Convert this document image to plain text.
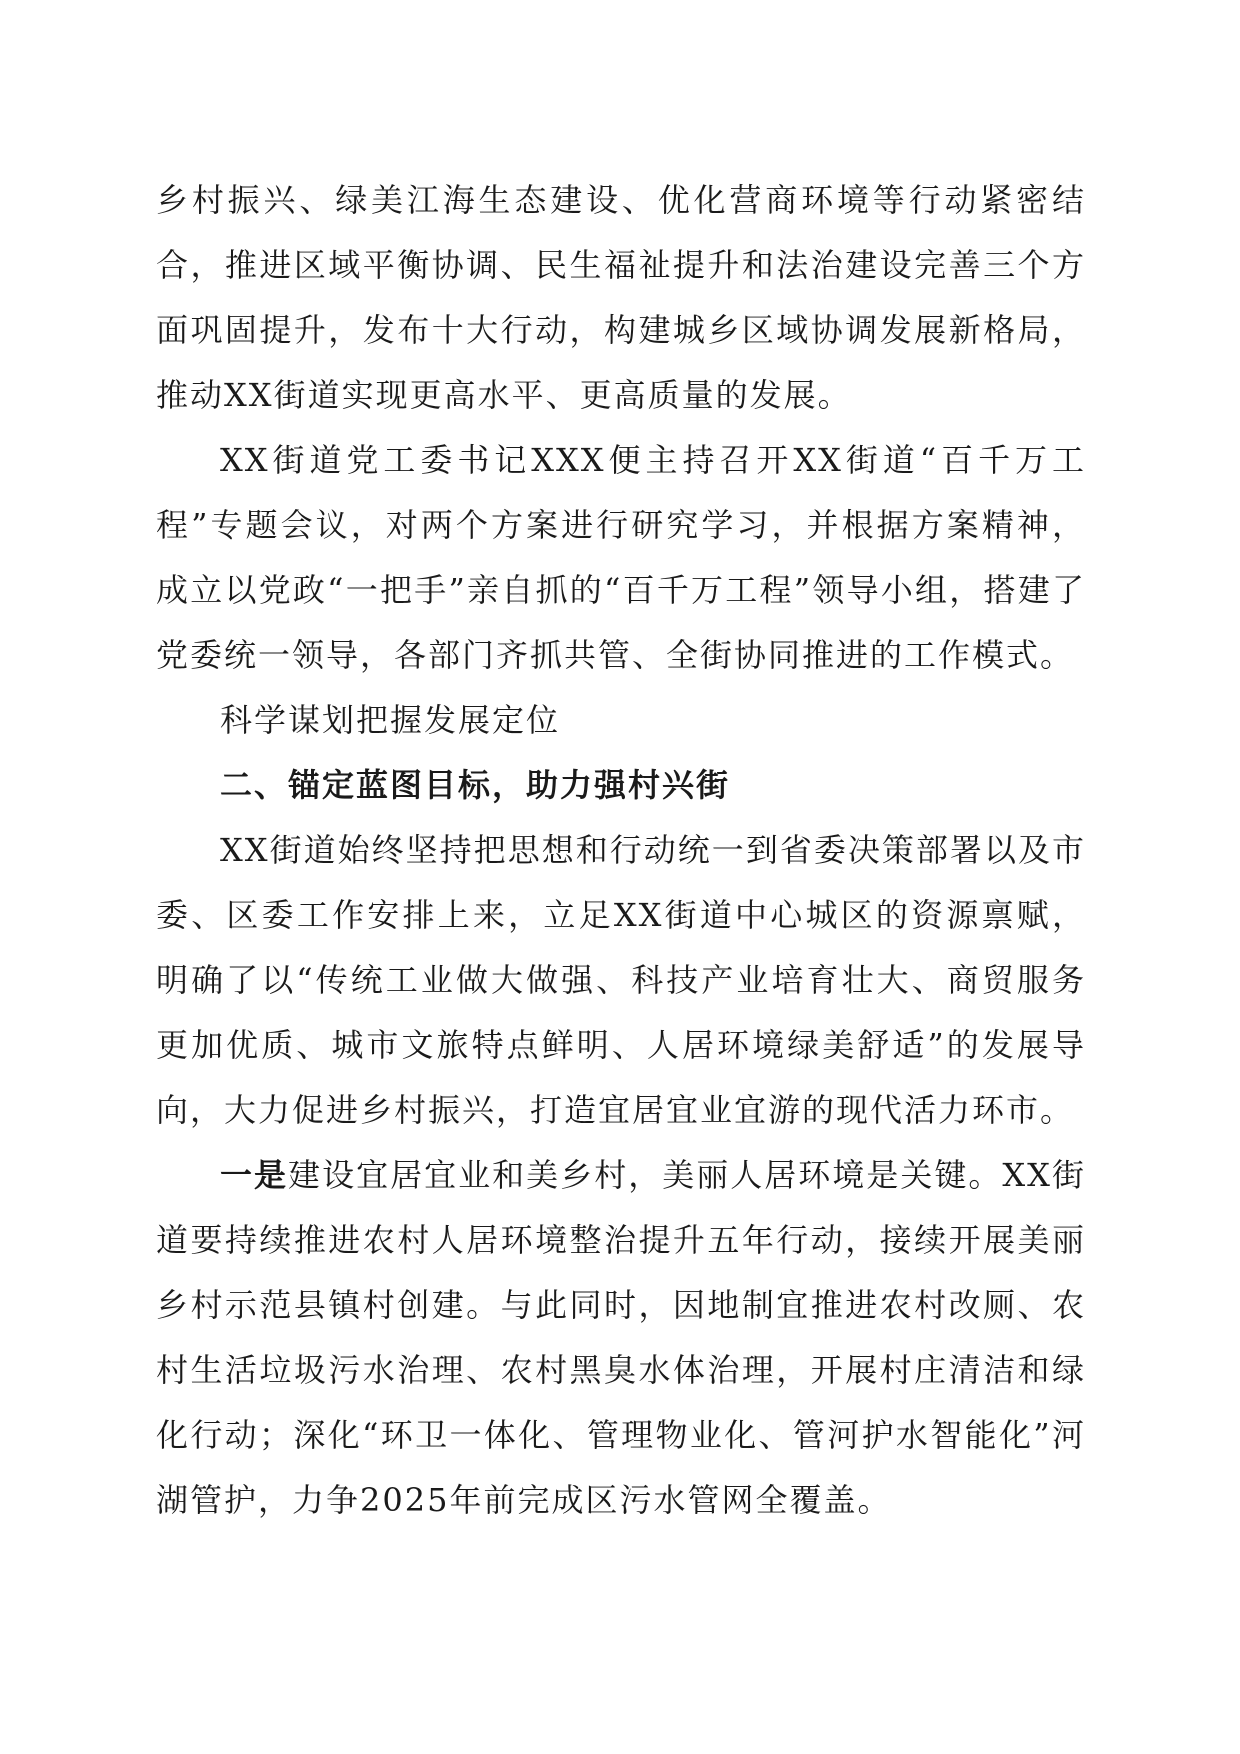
乡村振兴、绿美江海生态建设、优化营商环境等行动紧密结合，推进区域平衡协调、民生福祉提升和法治建设完善三个方面巩固提升，发布十大行动，构建城乡区域协调发展新格局，推动XX街道实现更高水平、更高质量的发展。

XX街道党工委书记XXX便主持召开XX街道“百千万工程”专题会议，对两个方案进行研究学习，并根据方案精神，成立以党政“一把手”亲自抓的“百千万工程”领导小组，搭建了党委统一领导，各部门齐抓共管、全街协同推进的工作模式。

科学谋划把握发展定位

二、锚定蓝图目标，助力强村兴街

XX街道始终坚持把思想和行动统一到省委决策部署以及市委、区委工作安排上来，立足XX街道中心城区的资源禀赋，明确了以“传统工业做大做强、科技产业培育壮大、商贸服务更加优质、城市文旅特点鲜明、人居环境绿美舒适”的发展导向，大力促进乡村振兴，打造宜居宜业宜游的现代活力环市。

一是建设宜居宜业和美乡村，美丽人居环境是关键。XX街道要持续推进农村人居环境整治提升五年行动，接续开展美丽乡村示范县镇村创建。与此同时，因地制宜推进农村改厕、农村生活垃圾污水治理、农村黑臭水体治理，开展村庄清洁和绿化行动；深化“环卫一体化、管理物业化、管河护水智能化”河湖管护，力争2025年前完成区污水管网全覆盖。
